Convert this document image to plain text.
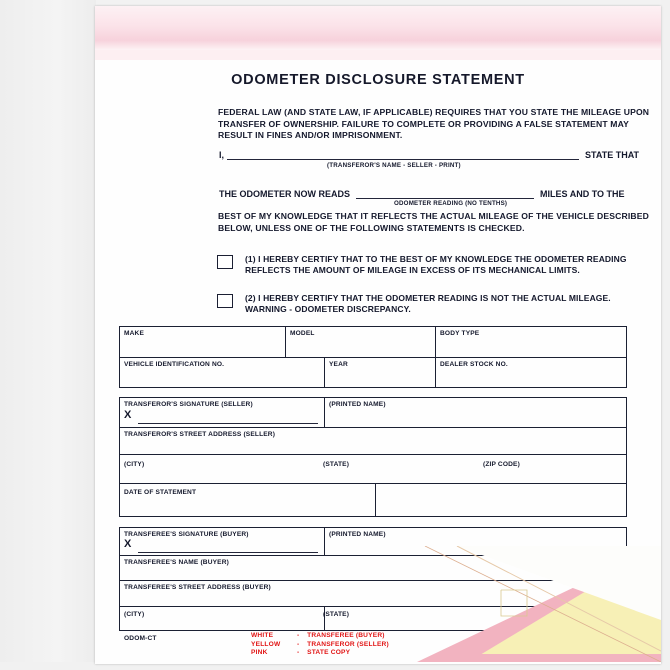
ODOMETER DISCLOSURE STATEMENT
FEDERAL LAW (AND STATE LAW, IF APPLICABLE) REQUIRES THAT YOU STATE THE MILEAGE UPON TRANSFER OF OWNERSHIP. FAILURE TO COMPLETE OR PROVIDING A FALSE STATEMENT MAY RESULT IN FINES AND/OR IMPRISONMENT.
I,	STATE THAT
(TRANSFEROR'S NAME - SELLER - PRINT)
THE ODOMETER NOW READS	MILES AND TO THE
ODOMETER READING (NO TENTHS)
BEST OF MY KNOWLEDGE THAT IT REFLECTS THE ACTUAL MILEAGE OF THE VEHICLE DESCRIBED BELOW, UNLESS ONE OF THE FOLLOWING STATEMENTS IS CHECKED.
(1) I HEREBY CERTIFY THAT TO THE BEST OF MY KNOWLEDGE THE ODOMETER READING REFLECTS THE AMOUNT OF MILEAGE IN EXCESS OF ITS MECHANICAL LIMITS.
(2) I HEREBY CERTIFY THAT THE ODOMETER READING IS NOT THE ACTUAL MILEAGE.
WARNING - ODOMETER DISCREPANCY.
MAKE	MODEL	BODY TYPE
VEHICLE IDENTIFICATION NO.	YEAR	DEALER STOCK NO.
TRANSFEROR'S SIGNATURE (SELLER)	(PRINTED NAME)
X
TRANSFEROR'S STREET ADDRESS (SELLER)
(CITY)	(STATE)	(ZIP CODE)
DATE OF STATEMENT
TRANSFEREE'S SIGNATURE (BUYER)	(PRINTED NAME)
X
TRANSFEREE'S NAME (BUYER)
TRANSFEREE'S STREET ADDRESS (BUYER)
(CITY)	(STATE)
ODOM-CT	WHITE	- TRANSFEREE (BUYER)
YELLOW	- TRANSFEROR (SELLER)
PINK	- STATE COPY
